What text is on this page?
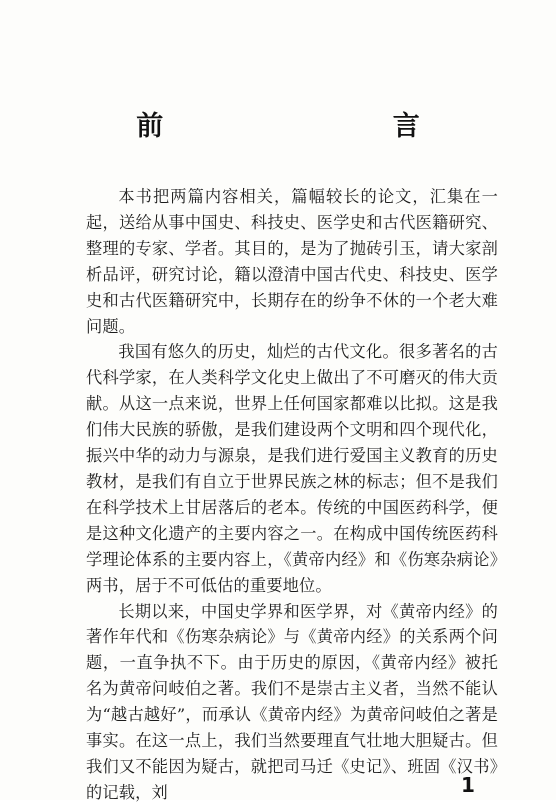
前 言

本书把两篇内容相关，篇幅较长的论文，汇集在一起，送给从事中国史、科技史、医学史和古代医籍研究、整理的专家、学者。其目的，是为了抛砖引玉，请大家剖析品评，研究讨论，籍以澄清中国古代史、科技史、医学史和古代医籍研究中，长期存在的纷争不休的一个老大难问题。

我国有悠久的历史，灿烂的古代文化。很多著名的古代科学家，在人类科学文化史上做出了不可磨灭的伟大贡献。从这一点来说，世界上任何国家都难以比拟。这是我们伟大民族的骄傲，是我们建设两个文明和四个现代化，振兴中华的动力与源泉，是我们进行爱国主义教育的历史教材，是我们有自立于世界民族之林的标志；但不是我们在科学技术上甘居落后的老本。传统的中国医药科学，便是这种文化遗产的主要内容之一。在构成中国传统医药科学理论体系的主要内容上，《黄帝内经》和《伤寒杂病论》两书，居于不可低估的重要地位。

长期以来，中国史学界和医学界，对《黄帝内经》的著作年代和《伤寒杂病论》与《黄帝内经》的关系两个问题，一直争执不下。由于历史的原因，《黄帝内经》被托名为黄帝问岐伯之著。我们不是崇古主义者，当然不能认为“越古越好”，而承认《黄帝内经》为黄帝问岐伯之著是事实。在这一点上，我们当然要理直气壮地大胆疑古。但我们又不能因为疑古，就把司马迁《史记》、班固《汉书》的记载，刘	1
